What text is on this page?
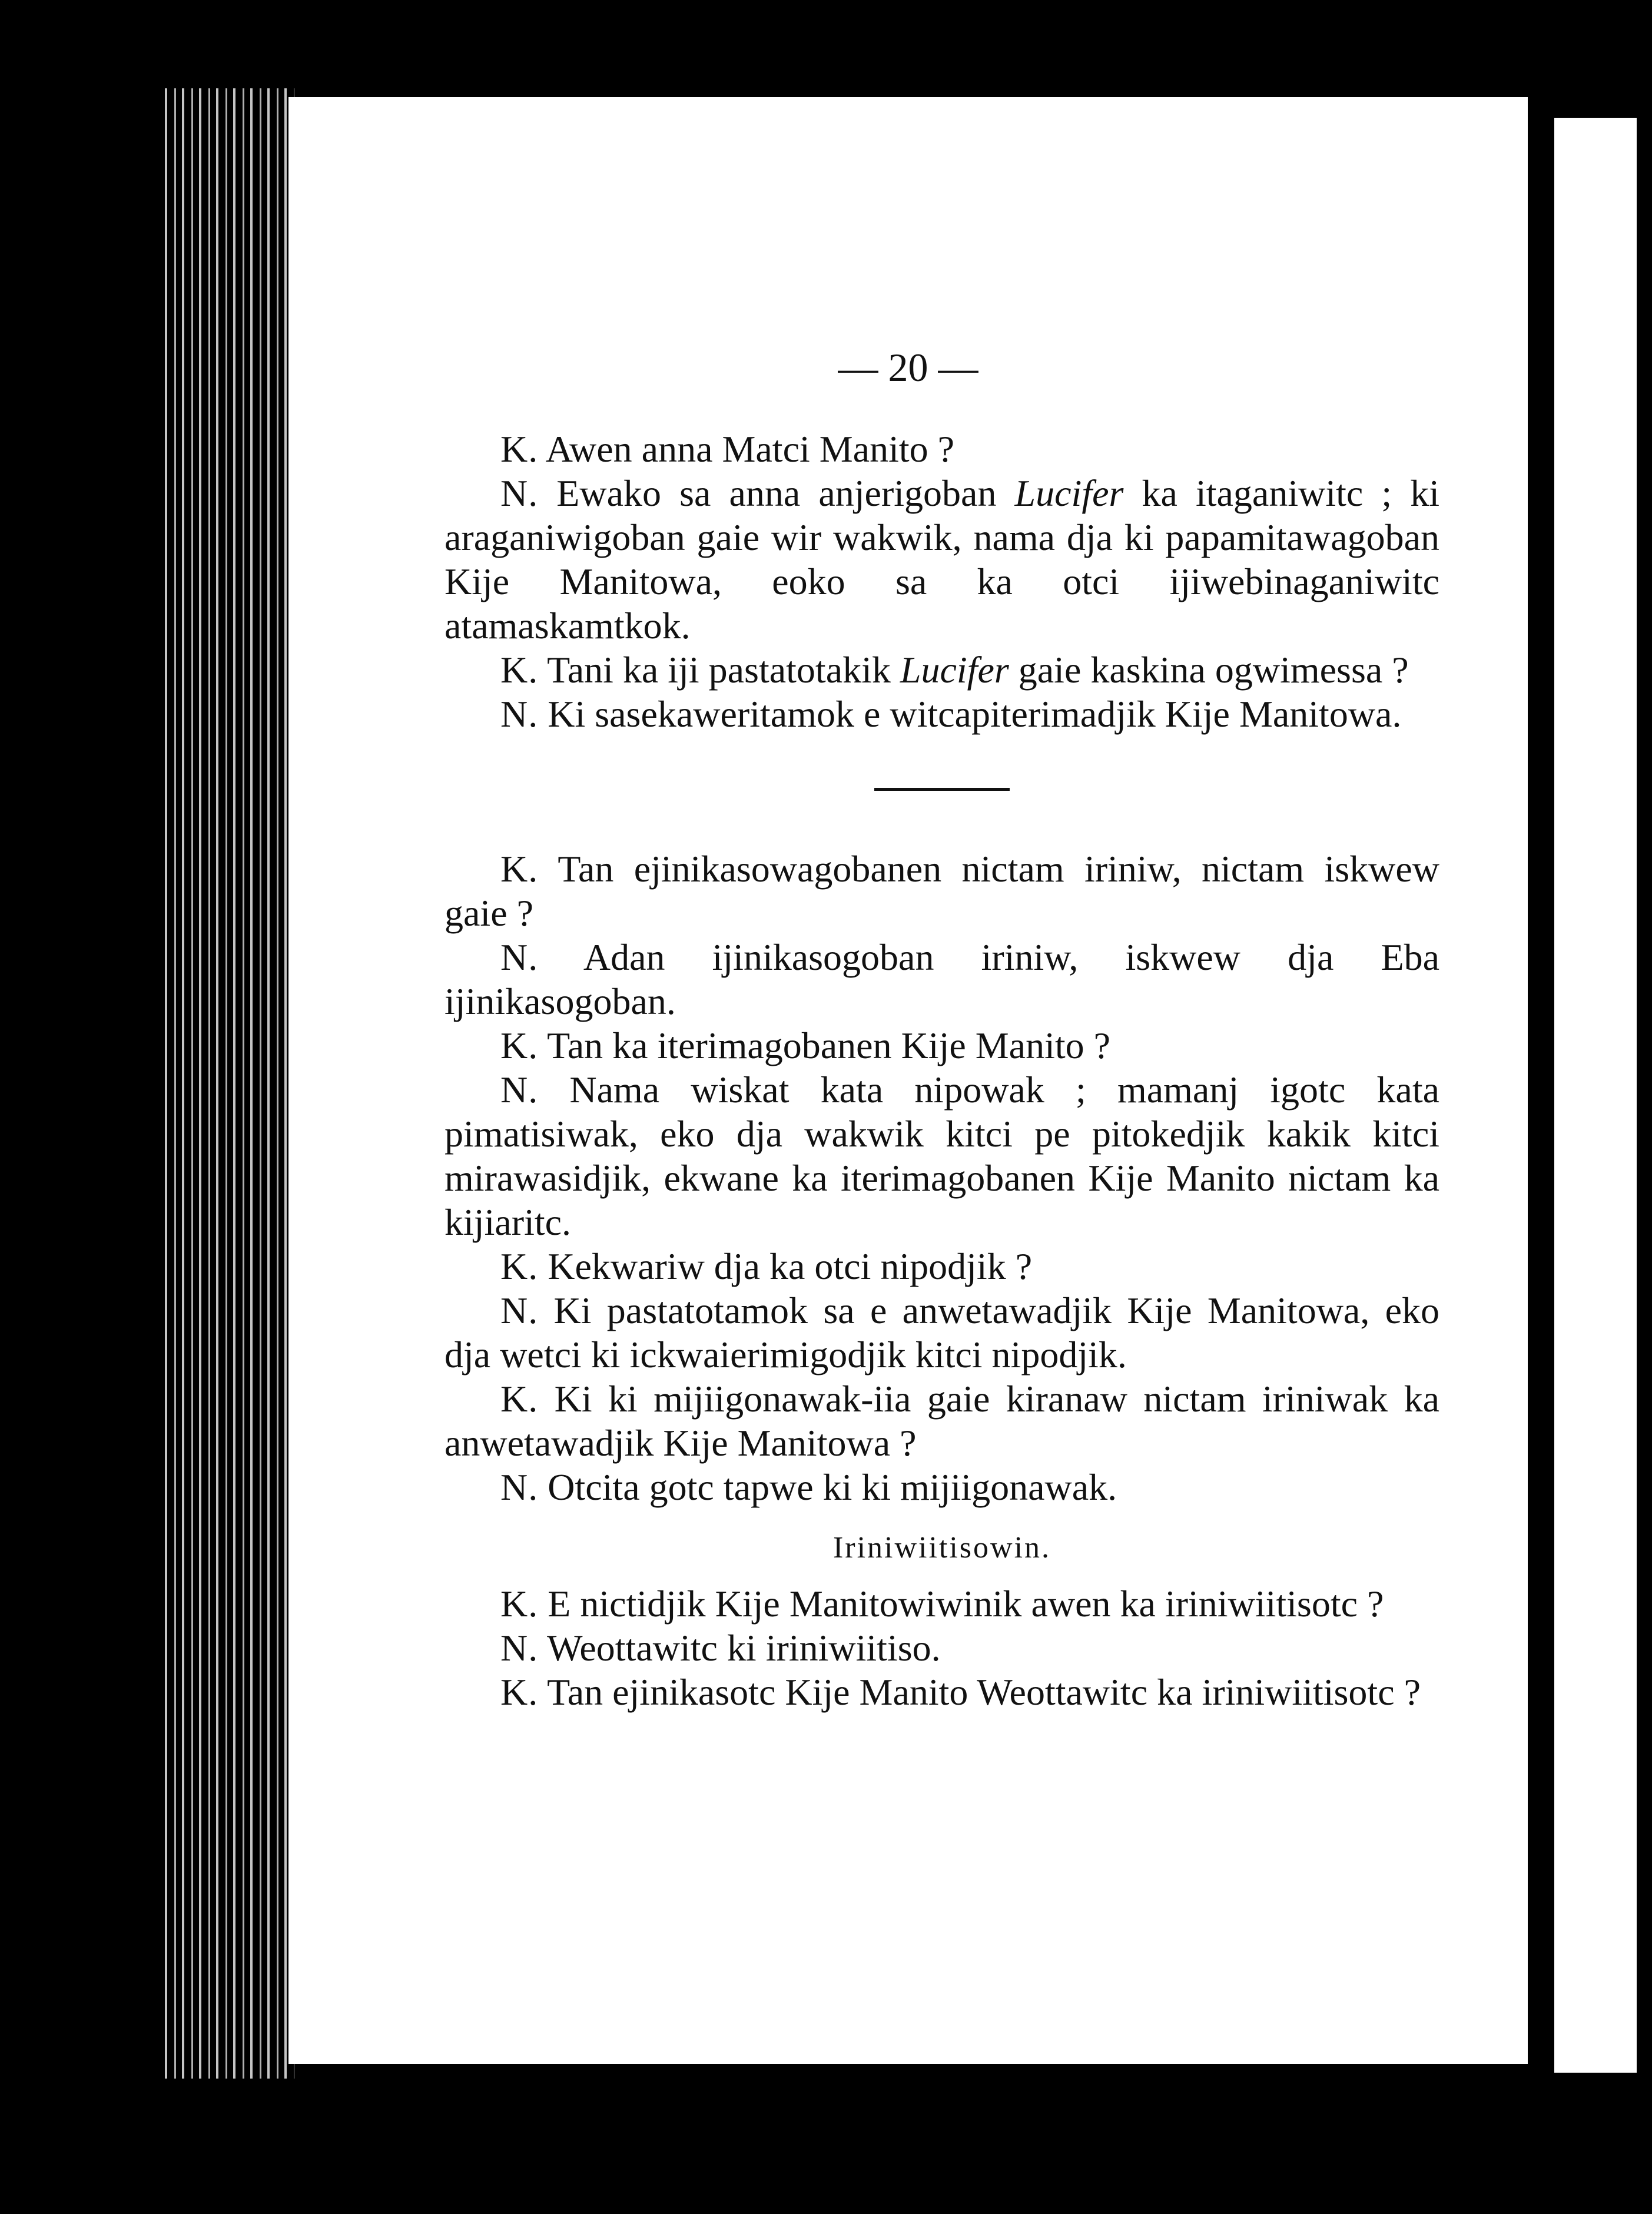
— 20 —

K. Awen anna Matci Manito ?

N. Ewako sa anna anjerigoban Lucifer ka itaganiwitc ; ki araganiwigoban gaie wir wakwik, nama dja ki papamitawagoban Kije Manitowa, eoko sa ka otci ijiwebinaganiwitc atamaskamtkok.

K. Tani ka iji pastatotakik Lucifer gaie kaskina ogwimessa ?

N. Ki sasekaweritamok e witcapiterimadjik Kije Manitowa.

K. Tan ejinikasowagobanen nictam iriniw, nictam iskwew gaie ?

N. Adan ijinikasogoban iriniw, iskwew dja Eba ijinikasogoban.

K. Tan ka iterimagobanen Kije Manito ?

N. Nama wiskat kata nipowak ; mamanj igotc kata pimatisiwak, eko dja wakwik kitci pe pitokedjik kakik kitci mirawasidjik, ekwane ka iterimagobanen Kije Manito nictam ka kijiaritc.

K. Kekwariw dja ka otci nipodjik ?

N. Ki pastatotamok sa e anwetawadjik Kije Manitowa, eko dja wetci ki ickwaierimigodjik kitci nipodjik.

K. Ki ki mijiigonawak-iia gaie kiranaw nictam iriniwak ka anwetawadjik Kije Manitowa ?

N. Otcita gotc tapwe ki ki mijiigonawak.

Iriniwiitisowin.

K. E nictidjik Kije Manitowiwinik awen ka iriniwiitisotc ?

N. Weottawitc ki iriniwiitiso.

K. Tan ejinikasotc Kije Manito Weottawitc ka iriniwiitisotc ?
